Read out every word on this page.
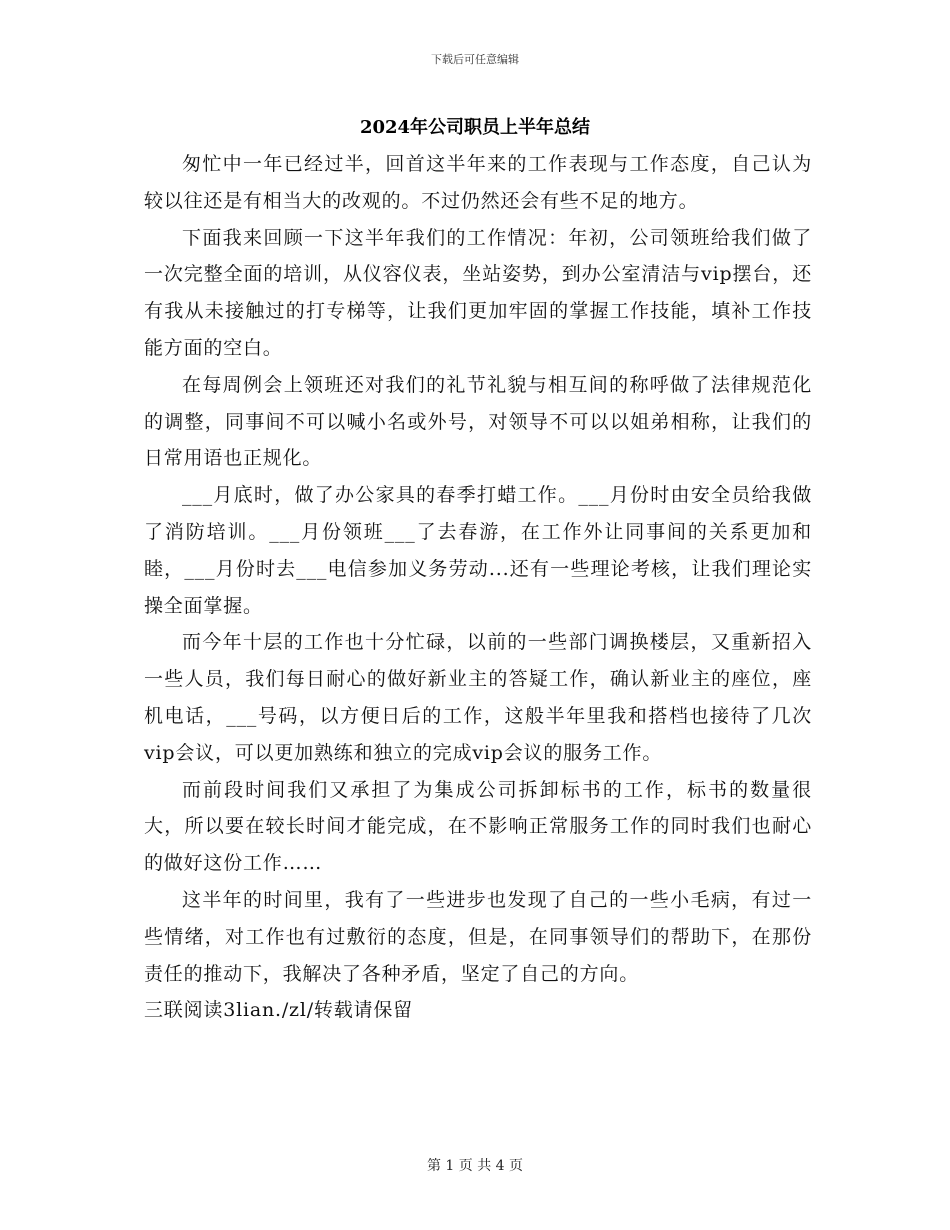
下载后可任意编辑
2024年公司职员上半年总结

匆忙中一年已经过半，回首这半年来的工作表现与工作态度，自己认为较以往还是有相当大的改观的。不过仍然还会有些不足的地方。

下面我来回顾一下这半年我们的工作情况：年初，公司领班给我们做了一次完整全面的培训，从仪容仪表，坐站姿势，到办公室清洁与vip摆台，还有我从未接触过的打专梯等，让我们更加牢固的掌握工作技能，填补工作技能方面的空白。

在每周例会上领班还对我们的礼节礼貌与相互间的称呼做了法律规范化的调整，同事间不可以喊小名或外号，对领导不可以以姐弟相称，让我们的日常用语也正规化。

___月底时，做了办公家具的春季打蜡工作。___月份时由安全员给我做了消防培训。___月份领班___了去春游，在工作外让同事间的关系更加和睦，___月份时去___电信参加义务劳动...还有一些理论考核，让我们理论实操全面掌握。

而今年十层的工作也十分忙碌，以前的一些部门调换楼层，又重新招入一些人员，我们每日耐心的做好新业主的答疑工作，确认新业主的座位，座机电话，___号码，以方便日后的工作，这般半年里我和搭档也接待了几次vip会议，可以更加熟练和独立的完成vip会议的服务工作。

而前段时间我们又承担了为集成公司拆卸标书的工作，标书的数量很大，所以要在较长时间才能完成，在不影响正常服务工作的同时我们也耐心的做好这份工作……

这半年的时间里，我有了一些进步也发现了自己的一些小毛病，有过一些情绪，对工作也有过敷衍的态度，但是，在同事领导们的帮助下，在那份责任的推动下，我解决了各种矛盾，坚定了自己的方向。

三联阅读3lian./zl/转载请保留

第 1 页 共 4 页
